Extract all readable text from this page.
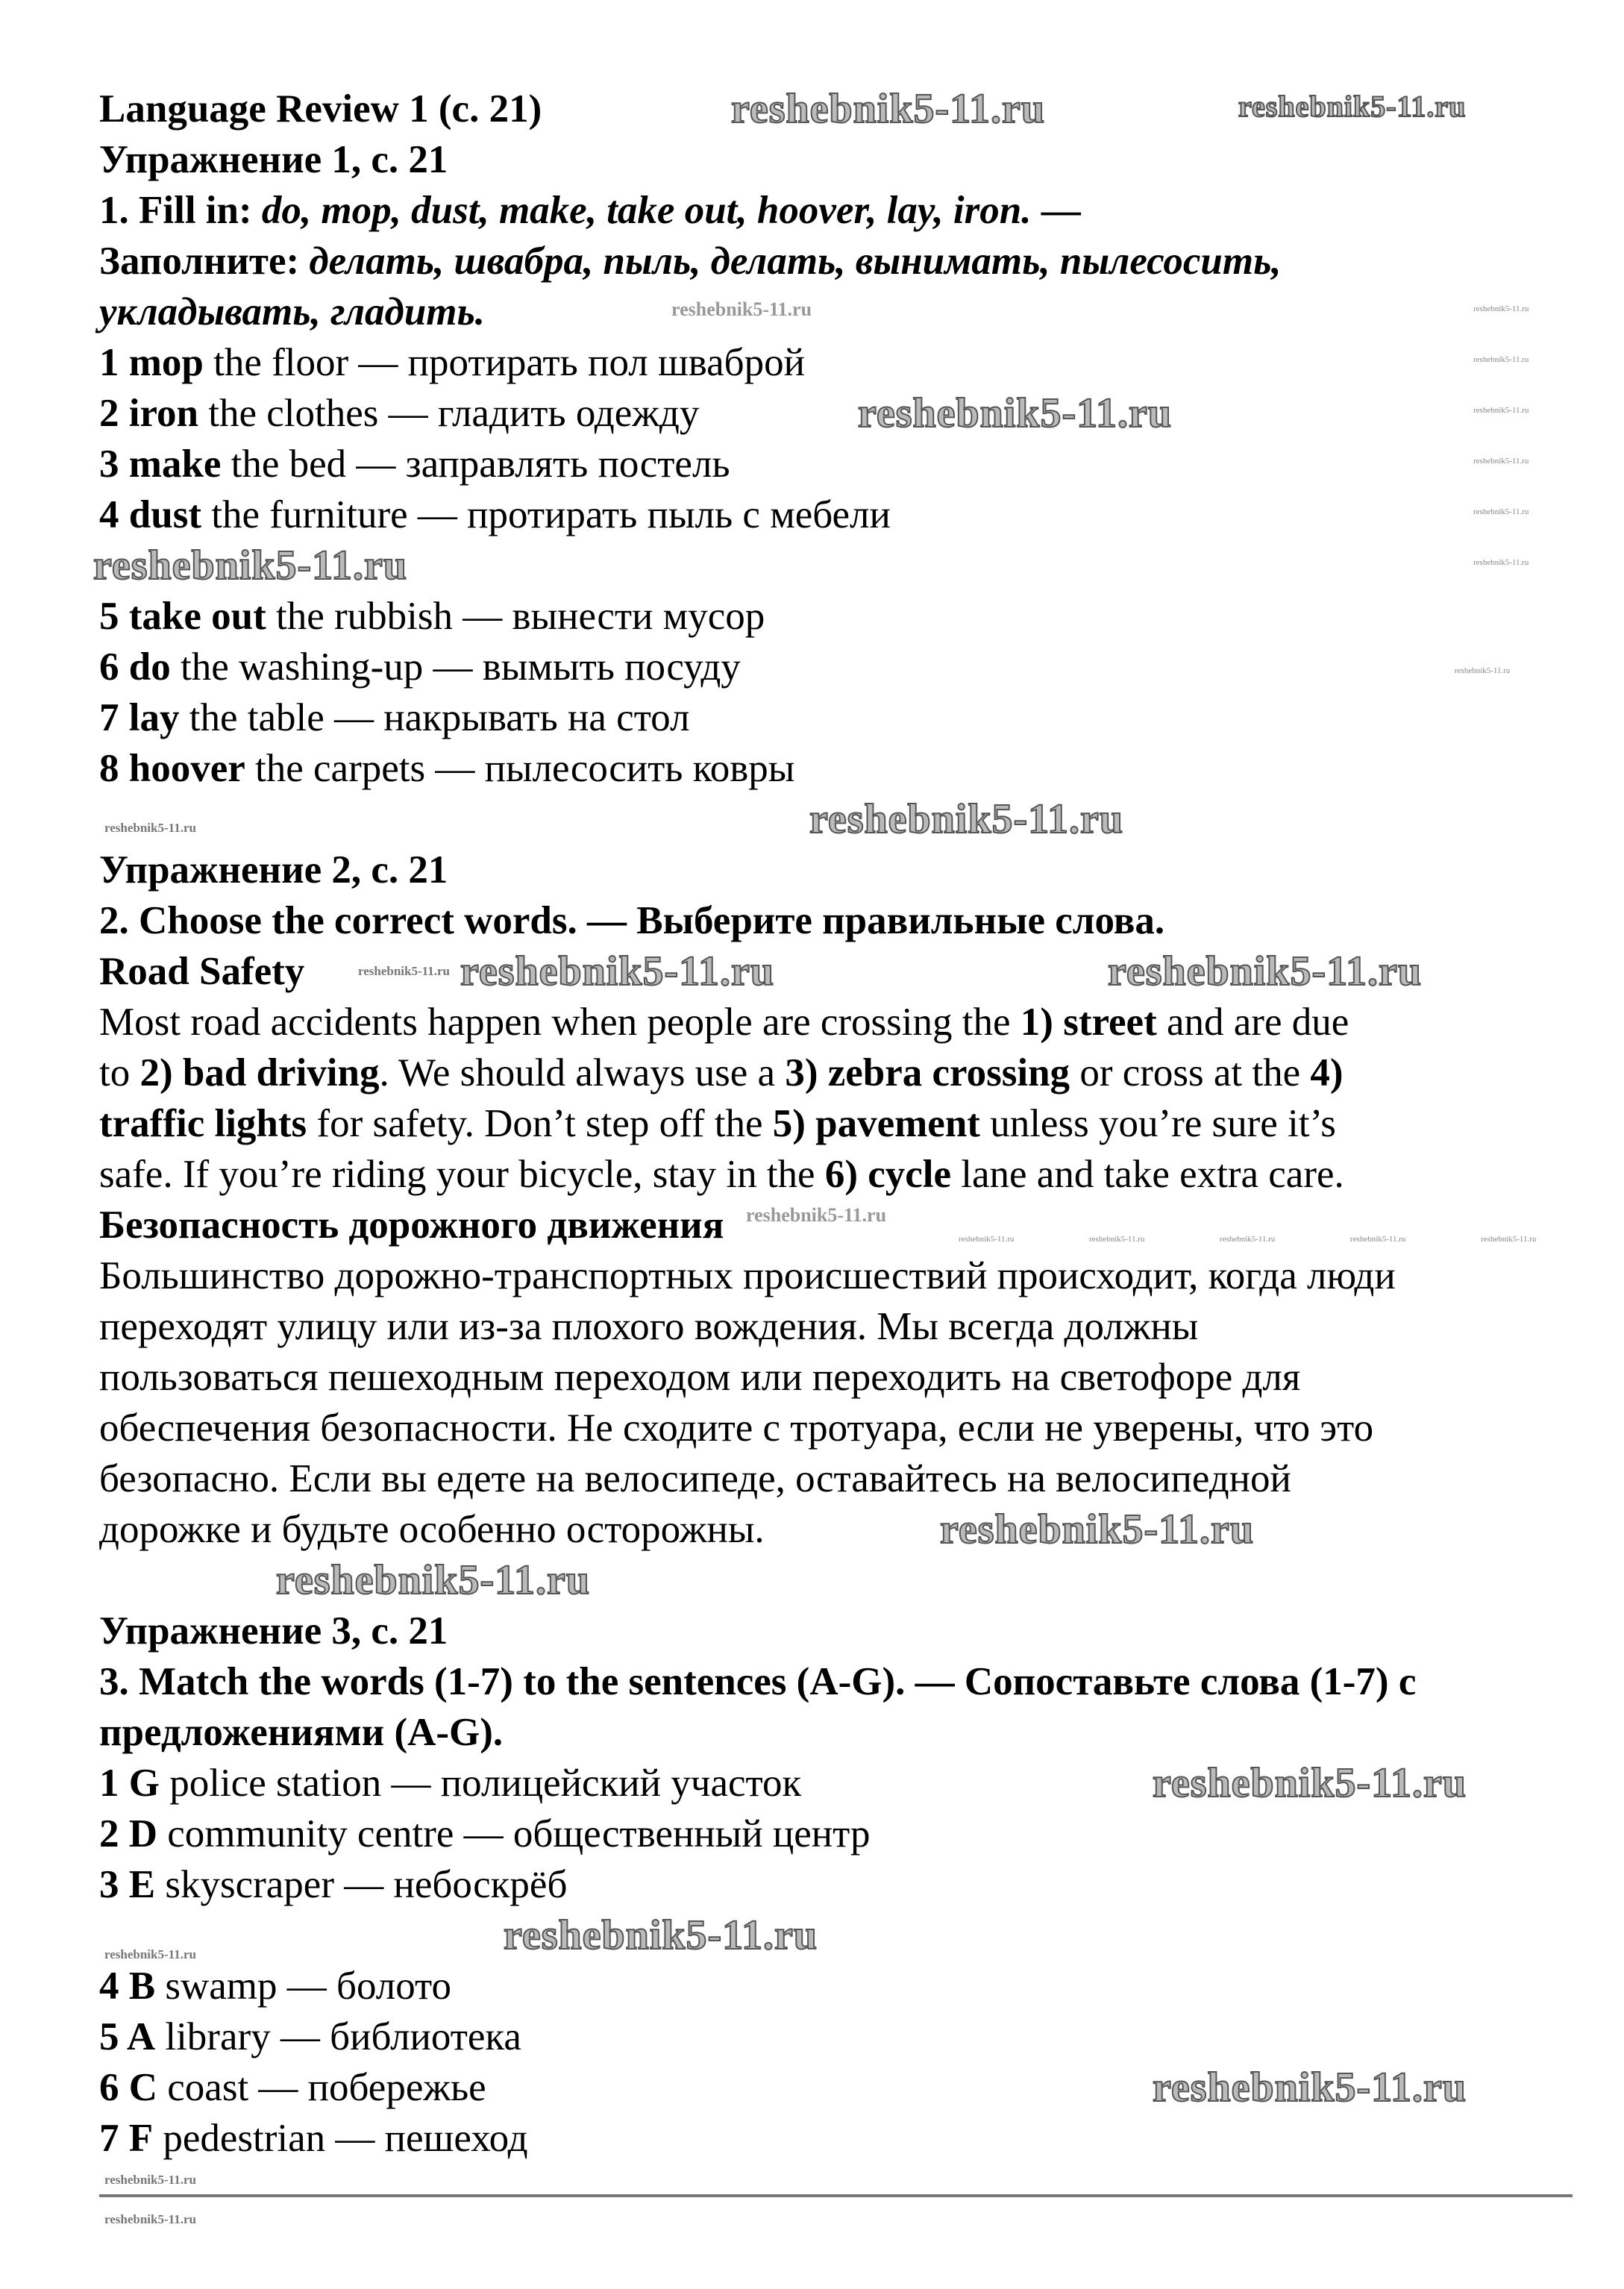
Language Review 1 (с. 21)
Упражнение 1, с. 21
1. Fill in: do, mop, dust, make, take out, hoover, lay, iron. —
Заполните: делать, швабра, пыль, делать, вынимать, пылесосить,
укладывать, гладить.
1 mop the floor — протирать пол шваброй
2 iron the clothes — гладить одежду
3 make the bed — заправлять постель
4 dust the furniture — протирать пыль с мебели
5 take out the rubbish — вынести мусор
6 do the washing-up — вымыть посуду
7 lay the table — накрывать на стол
8 hoover the carpets — пылесосить ковры
Упражнение 2, с. 21
2. Choose the correct words. — Выберите правильные слова.
Road Safety
Most road accidents happen when people are crossing the 1) street and are due
to 2) bad driving. We should always use a 3) zebra crossing or cross at the 4)
traffic lights for safety. Don’t step off the 5) pavement unless you’re sure it’s
safe. If you’re riding your bicycle, stay in the 6) cycle lane and take extra care.
Безопасность дорожного движения
Большинство дорожно-транспортных происшествий происходит, когда люди
переходят улицу или из-за плохого вождения. Мы всегда должны
пользоваться пешеходным переходом или переходить на светофоре для
обеспечения безопасности. Не сходите с тротуара, если не уверены, что это
безопасно. Если вы едете на велосипеде, оставайтесь на велосипедной
дорожке и будьте особенно осторожны.
Упражнение 3, с. 21
3. Match the words (1-7) to the sentences (A-G). — Сопоставьте слова (1-7) с
предложениями (A-G).
1 G police station — полицейский участок
2 D community centre — общественный центр
3 E skyscraper — небоскрёб
4 B swamp — болото
5 A library — библиотека
6 C coast — побережье
7 F pedestrian — пешеход
reshebnik5-11.ru	reshebnik5-11.ru
reshebnik5-11.ru
reshebnik5-11.ru
reshebnik5-11.ru
reshebnik5-11.ru	reshebnik5-11.ru
reshebnik5-11.ru
reshebnik5-11.ru
reshebnik5-11.ru
reshebnik5-11.ru
reshebnik5-11.ru
reshebnik5-11.ru
reshebnik5-11.ru
reshebnik5-11.ru
reshebnik5-11.ru
reshebnik5-11.ru
reshebnik5-11.ru
reshebnik5-11.ru
reshebnik5-11.ru
reshebnik5-11.ru
reshebnik5-11.ru
reshebnik5-11.ru
reshebnik5-11.ru
reshebnik5-11.ru
reshebnik5-11.ru
reshebnik5-11.ru	reshebnik5-11.ru	reshebnik5-11.ru	reshebnik5-11.ru	reshebnik5-11.ru
